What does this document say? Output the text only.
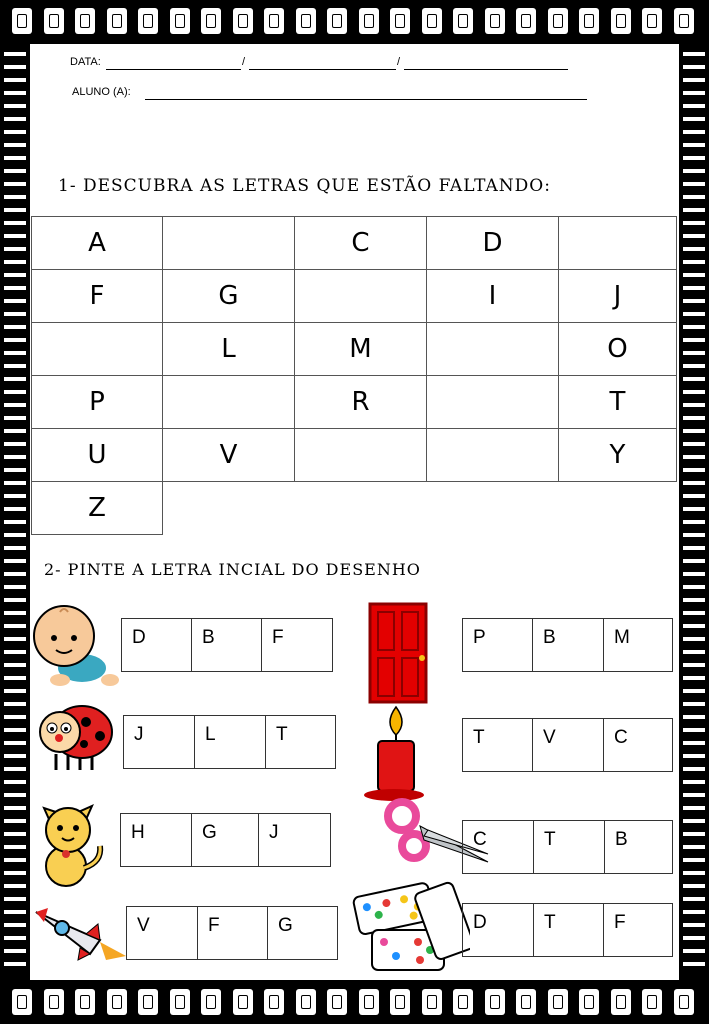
DATA:	/	/
ALUNO (A):
1- DESCUBRA AS LETRAS QUE ESTÃO FALTANDO:
A		C	D	
F	G		I	J
	L	M		O
P		R		T
U	V			Y
Z				
2- PINTE A LETRA INCIAL DO DESENHO
D	B	F
J	L	T
H	G	J
V	F	G
P	B	M
T	V	C
C	T	B
D	T	F
